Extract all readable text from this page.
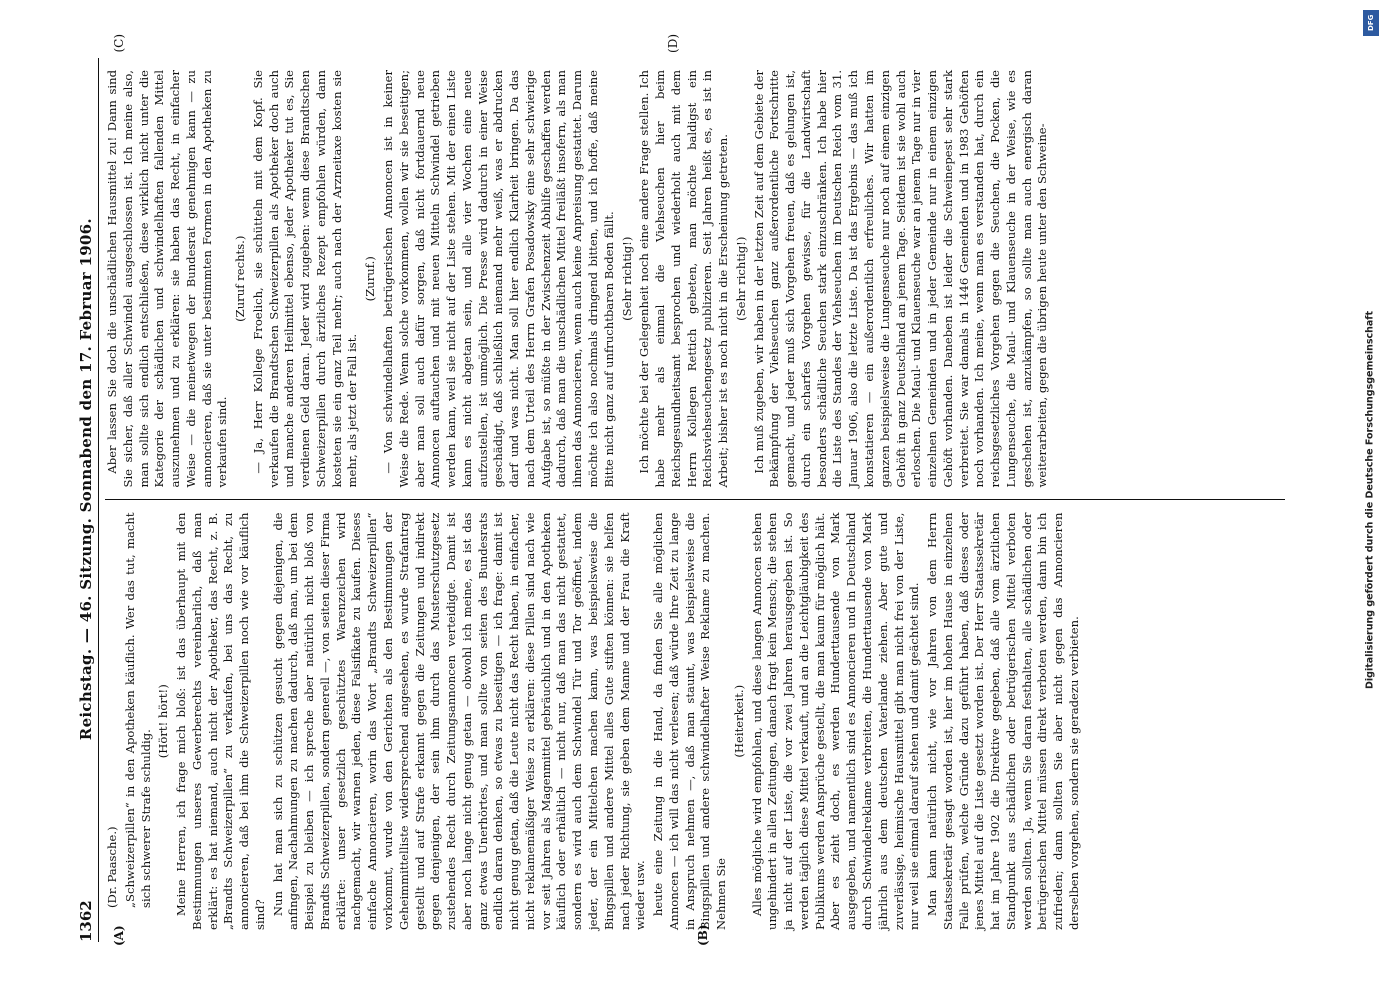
1362
Reichstag. — 46. Sitzung. Sonnabend den 17. Februar 1906.
(A)	(B)

(Dr. Paasche.) „Schweizerpillen“ in den Apotheken käuflich. Wer das tut, macht sich schwerer Strafe schuldig.

(Hört! hört!) Meine Herren, ich frage mich bloß: ist das überhaupt mit den Bestimmungen unseres Gewerberechts vereinbarlich, daß man erklärt: es hat niemand, auch nicht der Apotheker, das Recht, z. B. „Brandts Schweizerpillen“ zu verkaufen, bei uns das Recht, zu annoncieren, daß bei ihm die Schweizerpillen noch wie vor käuflich sind? Nun hat man sich zu schützen gesucht gegen diejenigen, die anfingen, Nachahmungen zu machen dadurch, daß man, um bei dem Beispiel zu bleiben — ich spreche aber natürlich nicht bloß von Brandts Schweizerpillen, sondern generell —, von seiten dieser Firma erklärte: unser gesetzlich geschütztes Warenzeichen wird nachgemacht, wir warnen jeden, diese Falsifikate zu kaufen. Dieses einfache Annoncieren, worin das Wort „Brandts Schweizerpillen“ vorkommt, wurde von den Gerichten als den Bestimmungen der Geheimmittelliste widersprechend angesehen, es wurde Strafantrag gestellt und auf Strafe erkannt gegen die Zeitungen und indirekt gegen denjenigen, der sein ihm durch das Musterschutzgesetz zustehendes Recht durch Zeitungsannoncen verteidigte. Damit ist aber noch lange nicht genug getan — obwohl ich meine, es ist das ganz etwas Unerhörtes, und man sollte von seiten des Bundesrats endlich daran denken, so etwas zu beseitigen — ich frage: damit ist nicht genug getan, daß die Leute nicht das Recht haben, in einfacher, nicht reklamemäßiger Weise zu erklären: diese Pillen sind nach wie vor seit Jahren als Magenmittel gebräuchlich und in den Apotheken käuflich oder erhältlich — nicht nur, daß man das nicht gestattet, sondern es wird auch dem Schwindel Tür und Tor geöffnet, indem jeder, der ein Mittelchen machen kann, was beispielsweise die Bingspillen und andere Mittel alles Gute stiften können: sie helfen nach jeder Richtung, sie geben dem Manne und der Frau die Kraft wieder usw. heute eine Zeitung in die Hand, da finden Sie alle möglichen Annoncen — ich will das nicht verlesen; daß würde Ihre Zeit zu lange in Anspruch nehmen —, daß man staunt, was beispielsweise die Bingspillen und andere schwindelhafter Weise Reklame zu machen. Nehmen Sie

(Heiterkeit.) Alles mögliche wird empfohlen, und diese langen Annoncen stehen ungehindert in allen Zeitungen, danach fragt kein Mensch; die stehen ja nicht auf der Liste, die vor zwei Jahren herausgegeben ist. So werden täglich diese Mittel verkauft, und an die Leichtgläubigkeit des Publikums werden Ansprüche gestellt, die man kaum für möglich hält. Aber es zieht doch, es werden Hunderttausende von Mark ausgegeben, und namentlich sind es Annoncieren und in Deutschland durch Schwindelreklame verbreiten, die Hunderttausende von Mark jährlich aus dem deutschen Vaterlande ziehen. Aber gute und zuverlässige, heimische Hausmittel gibt man nicht frei von der Liste, nur weil sie einmal darauf stehen und damit geächtet sind. Man kann natürlich nicht, wie vor Jahren von dem Herrn Staatssekretär gesagt worden ist, hier im hohen Hause in einzelnen Falle prüfen, welche Gründe dazu geführt haben, daß dieses oder jenes Mittel auf die Liste gesetzt worden ist. Der Herr Staatssekretär hat im Jahre 1902 die Direktive gegeben, daß alle vom ärztlichen Standpunkt aus schädlichen oder betrügerischen Mittel verboten werden sollten. Ja, wenn Sie daran festhalten, alle schädlichen oder betrügerischen Mittel müssen direkt verboten werden, dann bin ich zufrieden; dann sollten Sie aber nicht gegen das Annoncieren derselben vorgehen, sondern sie geradezu verbieten.

(C)	(D)

Aber lassen Sie doch die unschädlichen Hausmittel zu! Dann sind Sie sicher, daß aller Schwindel ausgeschlossen ist. Ich meine also, man sollte sich endlich entschließen, diese wirklich nicht unter die Kategorie der schädlichen und schwindelhaften fallenden Mittel auszunehmen und zu erklären: sie haben das Recht, in einfacher Weise — die meinetwegen der Bundesrat genehmigen kann — zu annoncieren, daß sie unter bestimmten Formen in den Apotheken zu verkaufen sind.

(Zuruf rechts.) — Ja, Herr Kollege Froelich, sie schütteln mit dem Kopf. Sie verkaufen die Brandtschen Schweizerpillen als Apotheker doch auch und manche anderen Heilmittel ebenso, jeder Apotheker tut es, Sie verdienen Geld daran. Jeder wird zugeben: wenn diese Brandtschen Schweizerpillen durch ärztliches Rezept empfohlen würden, dann kosteten sie ein ganz Teil mehr; auch nach der Arzneitaxe kosten sie mehr, als jetzt der Fall ist.

(Zuruf.) — Von schwindelhaften betrügerischen Annoncen ist in keiner Weise die Rede. Wenn solche vorkommen, wollen wir sie beseitigen; aber man soll auch dafür sorgen, daß nicht fortdauernd neue Annoncen auftauchen und mit neuen Mitteln Schwindel getrieben werden kann, weil sie nicht auf der Liste stehen. Mit der einen Liste kann es nicht abgetan sein, und alle vier Wochen eine neue aufzustellen, ist unmöglich. Die Presse wird dadurch in einer Weise geschädigt, daß schließlich niemand mehr weiß, was er abdrucken darf und was nicht. Man soll hier endlich Klarheit bringen. Da das nach dem Urteil des Herrn Grafen Posadowsky eine sehr schwierige Aufgabe ist, so müßte in der Zwischenzeit Abhilfe geschaffen werden dadurch, daß man die unschädlichen Mittel freiläßt insofern, als man ihnen das Annoncieren, wenn auch keine Anpreisung gestattet. Darum möchte ich also nochmals dringend bitten, und ich hoffe, daß meine Bitte nicht ganz auf unfruchtbaren Boden fällt. (Sehr richtig!) Ich möchte bei der Gelegenheit noch eine andere Frage stellen. Ich habe mehr als einmal die Viehseuchen hier beim Reichsgesundheitsamt besprochen und wiederholt auch mit dem Herrn Kollegen Rettich gebeten, man möchte baldigst ein Reichsviehseuchengesetz publizieren. Seit Jahren heißt es, es ist in Arbeit; bisher ist es noch nicht in die Erscheinung getreten. (Sehr richtig!) Ich muß zugeben, wir haben in der letzten Zeit auf dem Gebiete der Bekämpfung der Viehseuchen ganz außerordentliche Fortschritte gemacht, und jeder muß sich Vorgehen freuen, daß es gelungen ist, durch ein scharfes Vorgehen gewisse, für die Landwirtschaft besonders schädliche Seuchen stark einzuschränken. Ich habe hier die Liste des Standes der Viehseuchen im Deutschen Reich vom 31. Januar 1906, also die letzte Liste. Da ist das Ergebnis — das muß ich konstatieren — ein außerordentlich erfreuliches. Wir hatten im ganzen beispielsweise die Lungenseuche nur noch auf einem einzigen Gehöft in ganz Deutschland an jenem Tage. Seitdem ist sie wohl auch erloschen. Die Maul- und Klauenseuche war an jenem Tage nur in vier einzelnen Gemeinden und in jeder Gemeinde nur in einem einzigen Gehöft vorhanden. Daneben ist leider die Schweinepest sehr stark verbreitet. Sie war damals in 1446 Gemeinden und in 1983 Gehöften noch vorhanden. Ich meine, wenn man es verstanden hat, durch ein reichsgesetzliches Vorgehen gegen die Seuchen, die Pocken, die Lungenseuche, die Maul- und Klauenseuche in der Weise, wie es geschehen ist, anzukämpfen, so sollte man auch energisch daran weiterarbeiten, gegen die übrigen heute unter den Schweine-

DFG
Digitalisierung gefördert durch die Deutsche Forschungsgemeinschaft
